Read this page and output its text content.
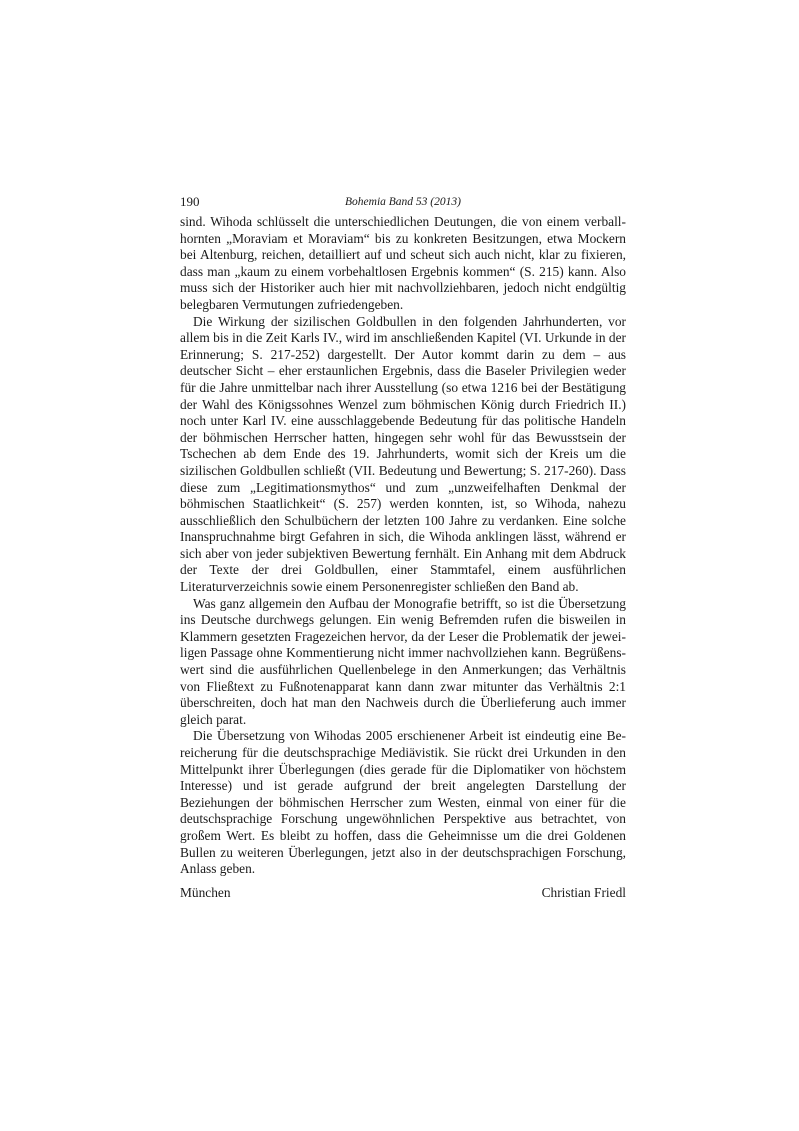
190	Bohemia Band 53 (2013)

sind. Wihoda schlüsselt die unterschiedlichen Deutungen, die von einem verballhornten „Moraviam et Moraviam“ bis zu konkreten Besitzungen, etwa Mockern bei Altenburg, reichen, detailliert auf und scheut sich auch nicht, klar zu fixieren, dass man „kaum zu einem vorbehaltlosen Ergebnis kommen“ (S. 215) kann. Also muss sich der Historiker auch hier mit nachvollziehbaren, jedoch nicht endgültig belegbaren Vermutungen zufriedengeben.

Die Wirkung der sizilischen Goldbullen in den folgenden Jahrhunderten, vor allem bis in die Zeit Karls IV., wird im anschließenden Kapitel (VI. Urkunde in der Erinnerung; S. 217-252) dargestellt. Der Autor kommt darin zu dem – aus deutscher Sicht – eher erstaunlichen Ergebnis, dass die Baseler Privilegien weder für die Jahre unmittelbar nach ihrer Ausstellung (so etwa 1216 bei der Bestätigung der Wahl des Königssohnes Wenzel zum böhmischen König durch Friedrich II.) noch unter Karl IV. eine ausschlaggebende Bedeutung für das politische Handeln der böhmischen Herrscher hatten, hingegen sehr wohl für das Bewusstsein der Tschechen ab dem Ende des 19. Jahrhunderts, womit sich der Kreis um die sizilischen Goldbullen schließt (VII. Bedeutung und Bewertung; S. 217-260). Dass diese zum „Legitimationsmythos“ und zum „unzweifelhaften Denkmal der böhmischen Staatlichkeit“ (S. 257) werden konnten, ist, so Wihoda, nahezu ausschließlich den Schulbüchern der letzten 100 Jahre zu verdanken. Eine solche Inanspruchnahme birgt Gefahren in sich, die Wihoda anklingen lässt, während er sich aber von jeder subjektiven Bewertung fernhält. Ein Anhang mit dem Abdruck der Texte der drei Goldbullen, einer Stammtafel, einem ausführlichen Literaturverzeichnis sowie einem Personenregister schließen den Band ab.

Was ganz allgemein den Aufbau der Monografie betrifft, so ist die Übersetzung ins Deutsche durchwegs gelungen. Ein wenig Befremden rufen die bisweilen in Klammern gesetzten Fragezeichen hervor, da der Leser die Problematik der jeweiligen Passage ohne Kommentierung nicht immer nachvollziehen kann. Begrüßenswert sind die ausführlichen Quellenbelege in den Anmerkungen; das Verhältnis von Fließtext zu Fußnotenapparat kann dann zwar mitunter das Verhältnis 2:1 überschreiten, doch hat man den Nachweis durch die Überlieferung auch immer gleich parat.

Die Übersetzung von Wihodas 2005 erschienener Arbeit ist eindeutig eine Bereicherung für die deutschsprachige Mediävistik. Sie rückt drei Urkunden in den Mittelpunkt ihrer Überlegungen (dies gerade für die Diplomatiker von höchstem Interesse) und ist gerade aufgrund der breit angelegten Darstellung der Beziehungen der böhmischen Herrscher zum Westen, einmal von einer für die deutschsprachige Forschung ungewöhnlichen Perspektive aus betrachtet, von großem Wert. Es bleibt zu hoffen, dass die Geheimnisse um die drei Goldenen Bullen zu weiteren Überlegungen, jetzt also in der deutschsprachigen Forschung, Anlass geben.

München	Christian Friedl
